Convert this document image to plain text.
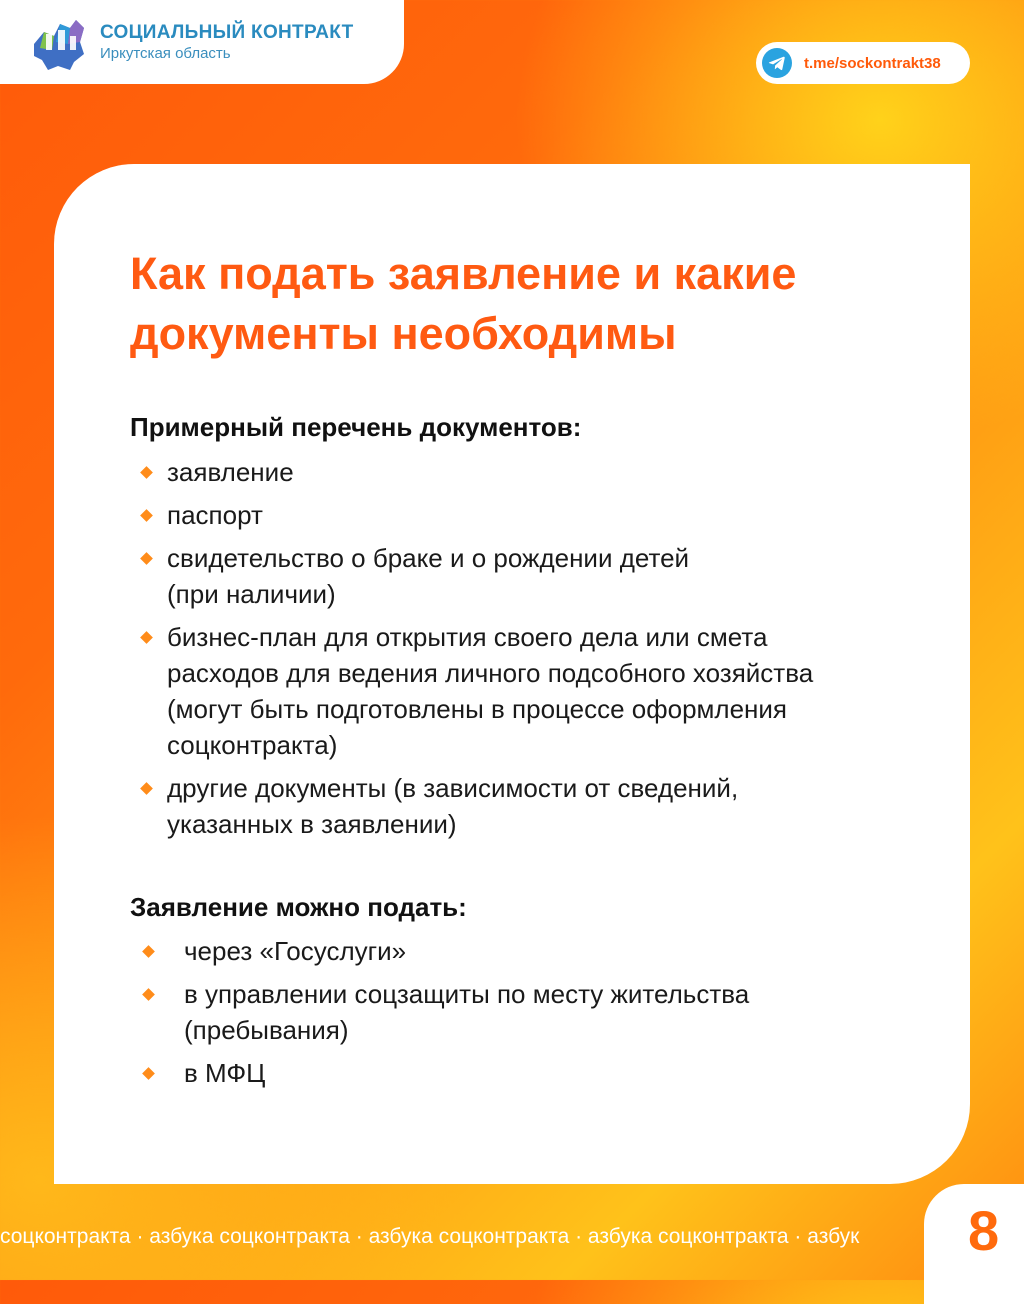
СОЦИАЛЬНЫЙ КОНТРАКТ
Иркутская область
t.me/sockontrakt38
Как подать заявление и какие
документы необходимы
Примерный перечень документов:
заявление
паспорт
свидетельство о браке и о рождении детей
(при наличии)
бизнес-план для открытия своего дела или смета
расходов для ведения личного подсобного хозяйства
(могут быть подготовлены в процессе оформления
соцконтракта)
другие документы (в зависимости от сведений,
указанных в заявлении)
Заявление можно подать:
через «Госуслуги»
в управлении соцзащиты по месту жительства
(пребывания)
в МФЦ
соцконтракта · азбука соцконтракта · азбука соцконтракта · азбука соцконтракта · азбук	8
